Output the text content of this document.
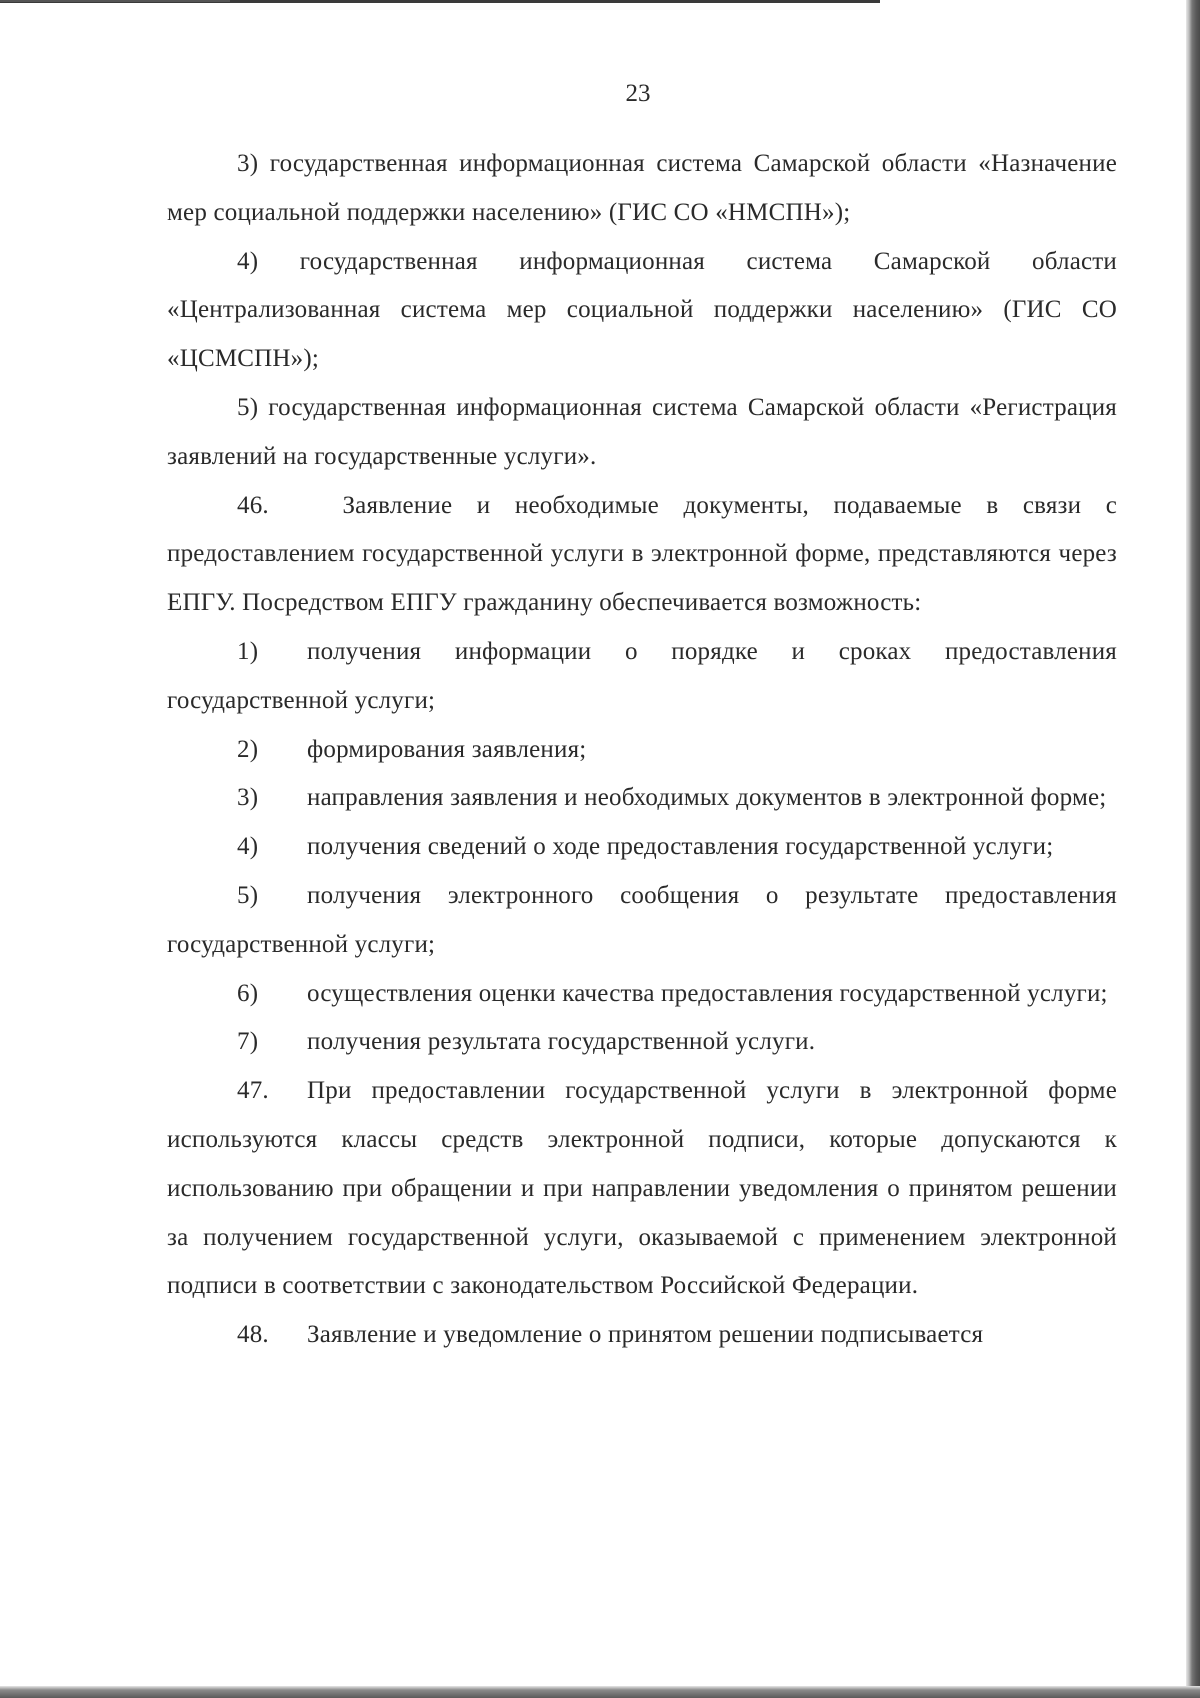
23

3) государственная информационная система Самарской области «Назначение мер социальной поддержки населению» (ГИС СО «НМСПН»);

4) государственная информационная система Самарской области «Централизованная система мер социальной поддержки населению» (ГИС СО «ЦСМСПН»);

5) государственная информационная система Самарской области «Регистрация заявлений на государственные услуги».

46.	Заявление и необходимые документы, подаваемые в связи с предоставлением государственной услуги в электронной форме, представляются через ЕПГУ. Посредством ЕПГУ гражданину обеспечивается возможность:

1) получения информации о порядке и сроках предоставления государственной услуги;

2) формирования заявления;

3) направления заявления и необходимых документов в электронной форме;

4) получения сведений о ходе предоставления государственной услуги;

5) получения электронного сообщения о результате предоставления государственной услуги;

6) осуществления оценки качества предоставления государственной услуги;

7) получения результата государственной услуги.

47. При предоставлении государственной услуги в электронной форме используются классы средств электронной подписи, которые допускаются к использованию при обращении и при направлении уведомления о принятом решении за получением государственной услуги, оказываемой с применением электронной подписи в соответствии с законодательством Российской Федерации.

48. Заявление и уведомление о принятом решении подписывается
